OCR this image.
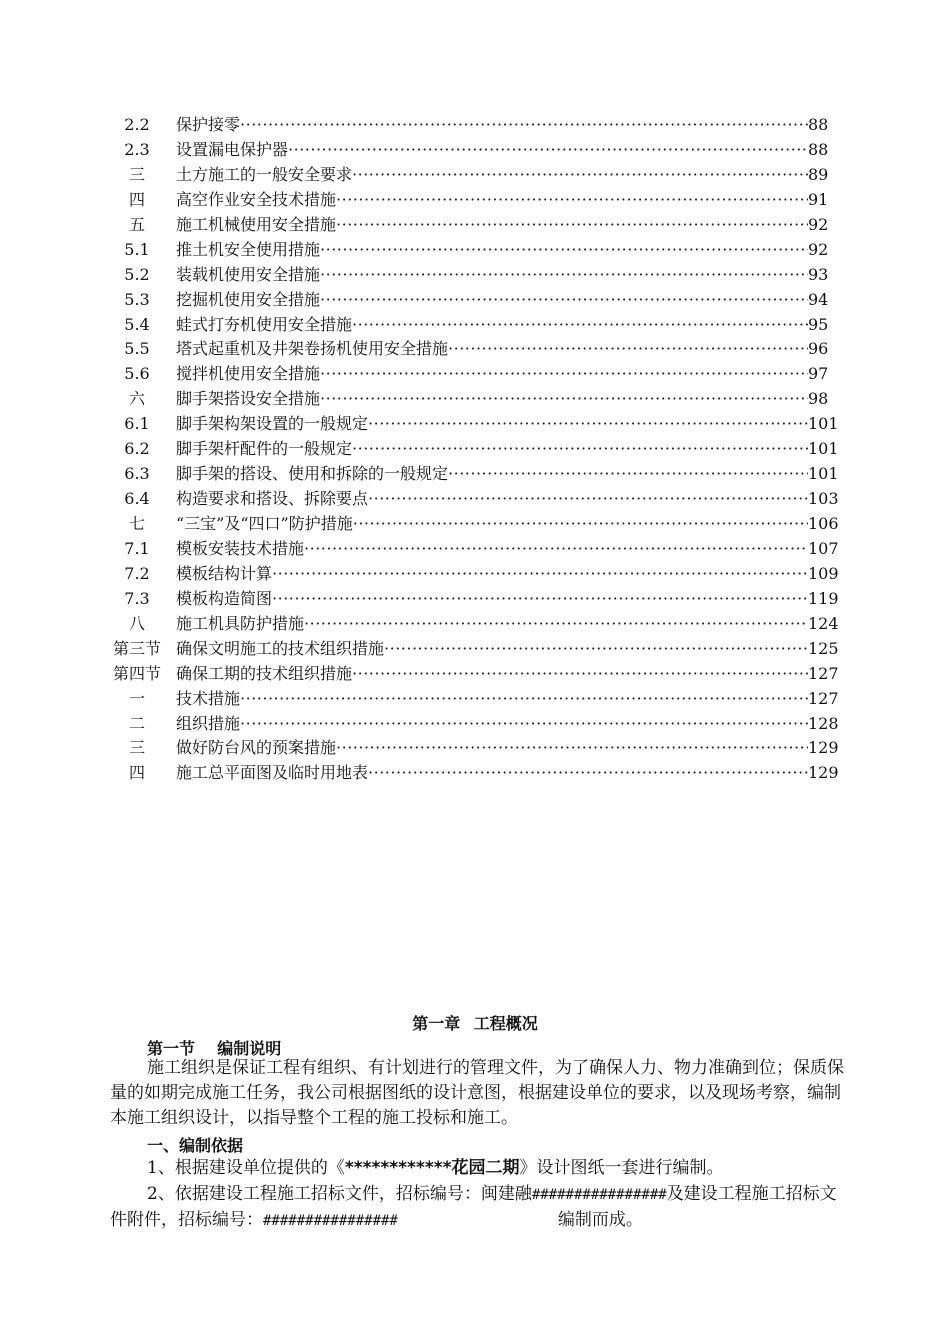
2.2	保护接零 ·····	88
2.3	设置漏电保护器 ·····	88
三	土方施工的一般安全要求 ·····	89
四	高空作业安全技术措施 ·····	91
五	施工机械使用安全措施 ·····	92
5.1	推土机安全使用措施 ·····	92
5.2	装载机使用安全措施 ·····	93
5.3	挖掘机使用安全措施 ·····	94
5.4	蛙式打夯机使用安全措施 ·····	95
5.5	塔式起重机及井架卷扬机使用安全措施 ·····	96
5.6	搅拌机使用安全措施 ·····	97
六	脚手架搭设安全措施 ·····	98
6.1	脚手架构架设置的一般规定 ·····	101
6.2	脚手架杆配件的一般规定 ·····	101
6.3	脚手架的搭设、使用和拆除的一般规定 ·····	101
6.4	构造要求和搭设、拆除要点 ·····	103
七	“三宝”及“四口”防护措施 ·····	106
7.1	模板安装技术措施 ·····	107
7.2	模板结构计算 ·····	109
7.3	模板构造简图 ·····	119
八	施工机具防护措施 ·····	124
第三节 确保文明施工的技术组织措施 ·····	125
第四节 确保工期的技术组织措施 ·····	127
一	技术措施 ·····	127
二	组织措施 ·····	128
三	做好防台风的预案措施 ·····	129
四	施工总平面图及临时用地表 ·····	129
第一章 工程概况
第一节 编制说明
施工组织是保证工程有组织、有计划进行的管理文件，为了确保人力、物力准确到位；保质保量的如期完成施工任务，我公司根据图纸的设计意图，根据建设单位的要求，以及现场考察，编制本施工组织设计，以指导整个工程的施工投标和施工。
一、编制依据
1、根据建设单位提供的《************花园二期》设计图纸一套进行编制。
2、依据建设工程施工招标文件，招标编号：闽建融################及建设工程施工招标文件附件，招标编号：################	编制而成。
